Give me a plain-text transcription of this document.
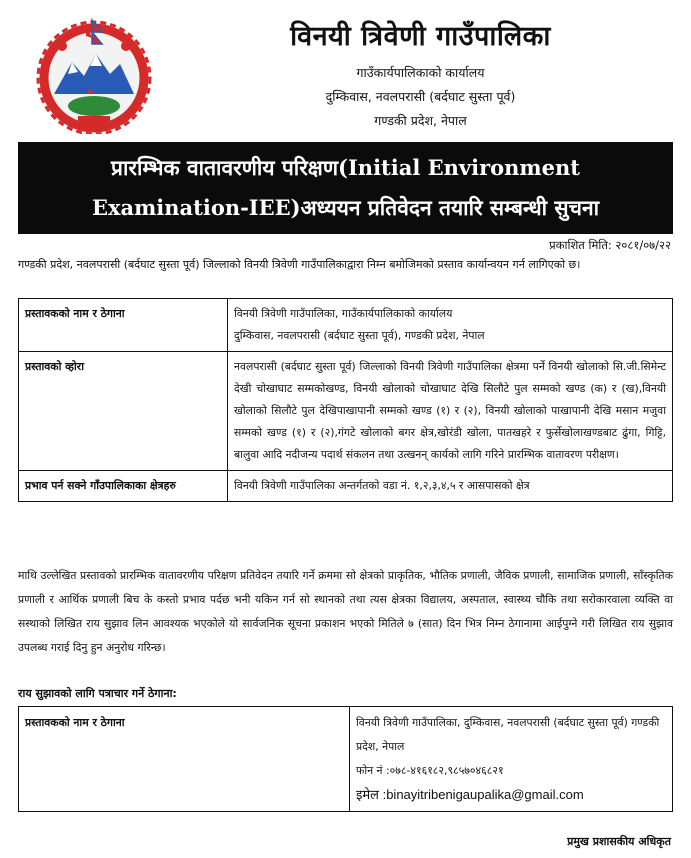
विनयी त्रिवेणी गाउँपालिका
गाउँकार्यपालिकाको कार्यालय
दुम्किवास, नवलपरासी (बर्दघाट सुस्ता पूर्व)
गण्डकी प्रदेश, नेपाल
प्रारम्भिक वातावरणीय परिक्षण(Initial Environment
Examination-IEE)अध्ययन प्रतिवेदन तयारि सम्बन्धी सुचना
प्रकाशित मिति: २०८१/०७/२२
गण्डकी प्रदेश, नवलपरासी (बर्दघाट सुस्ता पूर्व) जिल्लाको विनयी त्रिवेणी गाउँपालिकाद्वारा निम्न बमोजिमको प्रस्ताव कार्यान्वयन गर्न लागिएको छ।
प्रस्तावकको नाम र ठेगाना	विनयी त्रिवेणी गाउँपालिका, गाउँकार्यपालिकाको कार्यालय
दुम्किवास, नवलपरासी (बर्दघाट सुस्ता पूर्व), गण्डकी प्रदेश, नेपाल

प्रस्तावको व्होरा	नवलपरासी (बर्दघाट सुस्ता पूर्व) जिल्लाको विनयी त्रिवेणी गाउँपालिका क्षेत्रमा पर्ने विनयी खोलाको सि.जी.सिमेन्ट देखी चोखाघाट सम्मकोखण्ड, विनयी खोलाको चोखाघाट देखि सिलौटे पुल सम्मको खण्ड (क) र (ख),विनयी खोलाको सिलौटे पुल देखिपाखापानी सम्मको खण्ड (१) र (२), विनयी खोलाको पाखापानी देखि मसान मजुवा सम्मको खण्ड (१) र (२),गंगटे खोलाको बगर क्षेत्र,खोरंडी खोला, पातखहरे र फुर्सेखोलाखण्डबाट ढुंगा, गिट्टि, बालुवा आदि नदीजन्य पदार्थ संकलन तथा उत्खनन् कार्यको लागि गरिने प्रारम्भिक वातावरण परीक्षण।
प्रभाव पर्न सक्ने गाँउपालिकाका क्षेत्रहरु	विनयी त्रिवेणी गाउँपालिका अन्तर्गतको वडा नं. १,२,३,४,५ र आसपासको क्षेत्र
माथि उल्लेखित प्रस्तावको प्रारम्भिक वातावरणीय परिक्षण प्रतिवेदन तयारि गर्ने क्रममा सो क्षेत्रको प्राकृतिक, भौतिक प्रणाली, जैविक प्रणाली, सामाजिक प्रणाली, साँस्कृतिक प्रणाली र आर्थिक प्रणाली बिच के कस्तो प्रभाव पर्दछ भनी यकिन गर्न सो स्थानको तथा त्यस क्षेत्रका विद्यालय, अस्पताल, स्वास्थ्य चौकि तथा सरोकारवाला व्यक्ति वा सस्थाको लिखित राय सुझाव लिन आवश्यक भएकोले यो सार्वजनिक सूचना प्रकाशन भएको मितिले ७ (सात) दिन भित्र निम्न ठेगानामा आईपुग्ने गरी लिखित राय सुझाव उपलब्ध गराई दिनु हुन अनुरोध गरिन्छ।
राय सुझावको लागि पत्राचार गर्ने ठेगाना:
प्रस्तावकको नाम र ठेगाना	विनयी त्रिवेणी गाउँपालिका, दुम्किवास, नवलपरासी (बर्दघाट सुस्ता पूर्व) गण्डकी प्रदेश, नेपाल
फोन नं :०७८-४१६१८२,९८५७०४६८२१
इमेल :binayitribenigaupalika@gmail.com
प्रमुख प्रशासकीय अधिकृत
